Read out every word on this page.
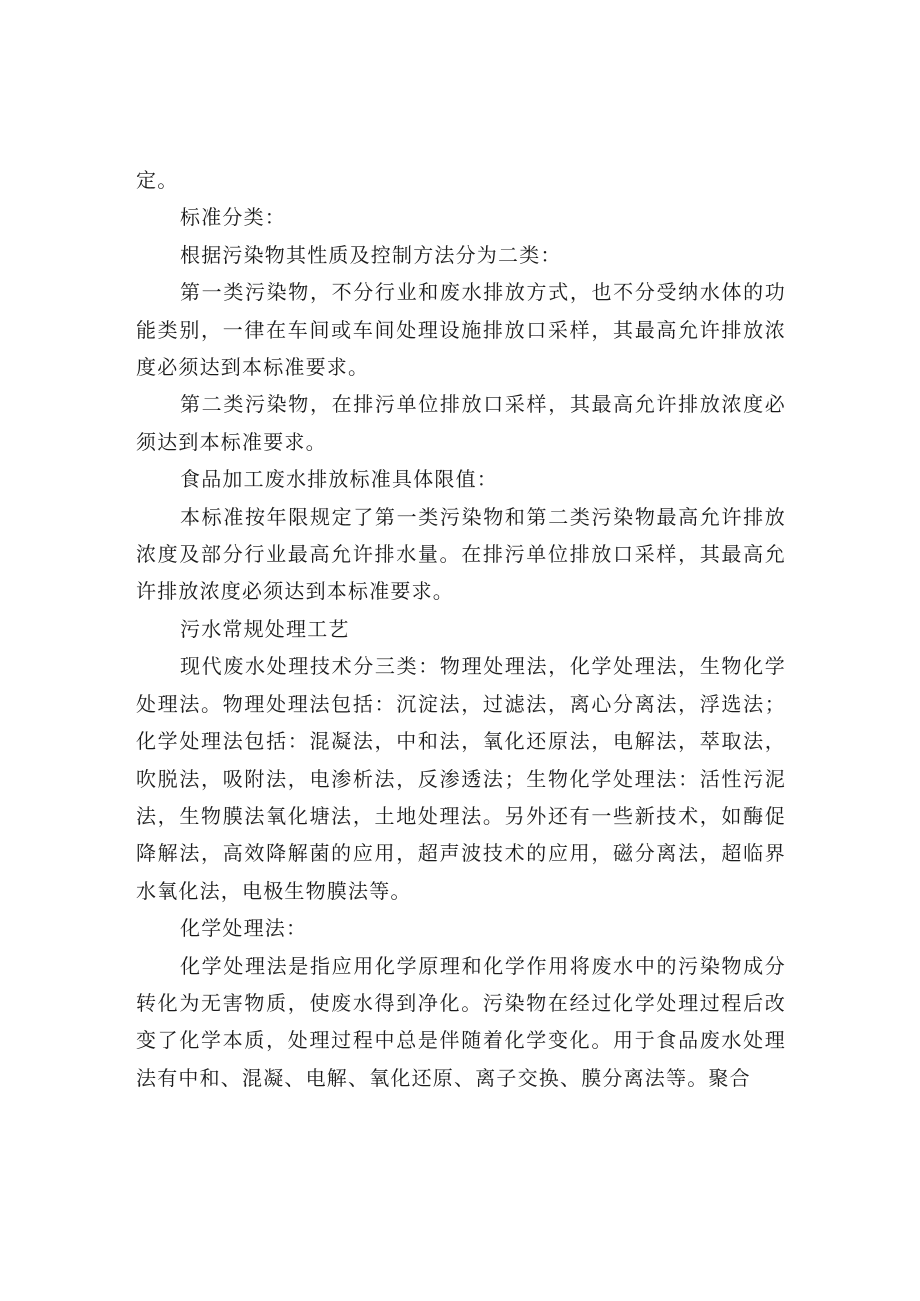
定。

标准分类：

根据污染物其性质及控制方法分为二类：

第一类污染物，不分行业和废水排放方式，也不分受纳水体的功能类别，一律在车间或车间处理设施排放口采样，其最高允许排放浓度必须达到本标准要求。

第二类污染物，在排污单位排放口采样，其最高允许排放浓度必须达到本标准要求。

食品加工废水排放标准具体限值：

本标准按年限规定了第一类污染物和第二类污染物最高允许排放浓度及部分行业最高允许排水量。在排污单位排放口采样，其最高允许排放浓度必须达到本标准要求。

污水常规处理工艺

现代废水处理技术分三类：物理处理法，化学处理法，生物化学处理法。物理处理法包括：沉淀法，过滤法，离心分离法，浮选法；化学处理法包括：混凝法，中和法，氧化还原法，电解法，萃取法，吹脱法，吸附法，电渗析法，反渗透法；生物化学处理法：活性污泥法，生物膜法氧化塘法，土地处理法。另外还有一些新技术，如酶促降解法，高效降解菌的应用，超声波技术的应用，磁分离法，超临界水氧化法，电极生物膜法等。

化学处理法：

化学处理法是指应用化学原理和化学作用将废水中的污染物成分转化为无害物质，使废水得到净化。污染物在经过化学处理过程后改变了化学本质，处理过程中总是伴随着化学变化。用于食品废水处理法有中和、混凝、电解、氧化还原、离子交换、膜分离法等。聚合
